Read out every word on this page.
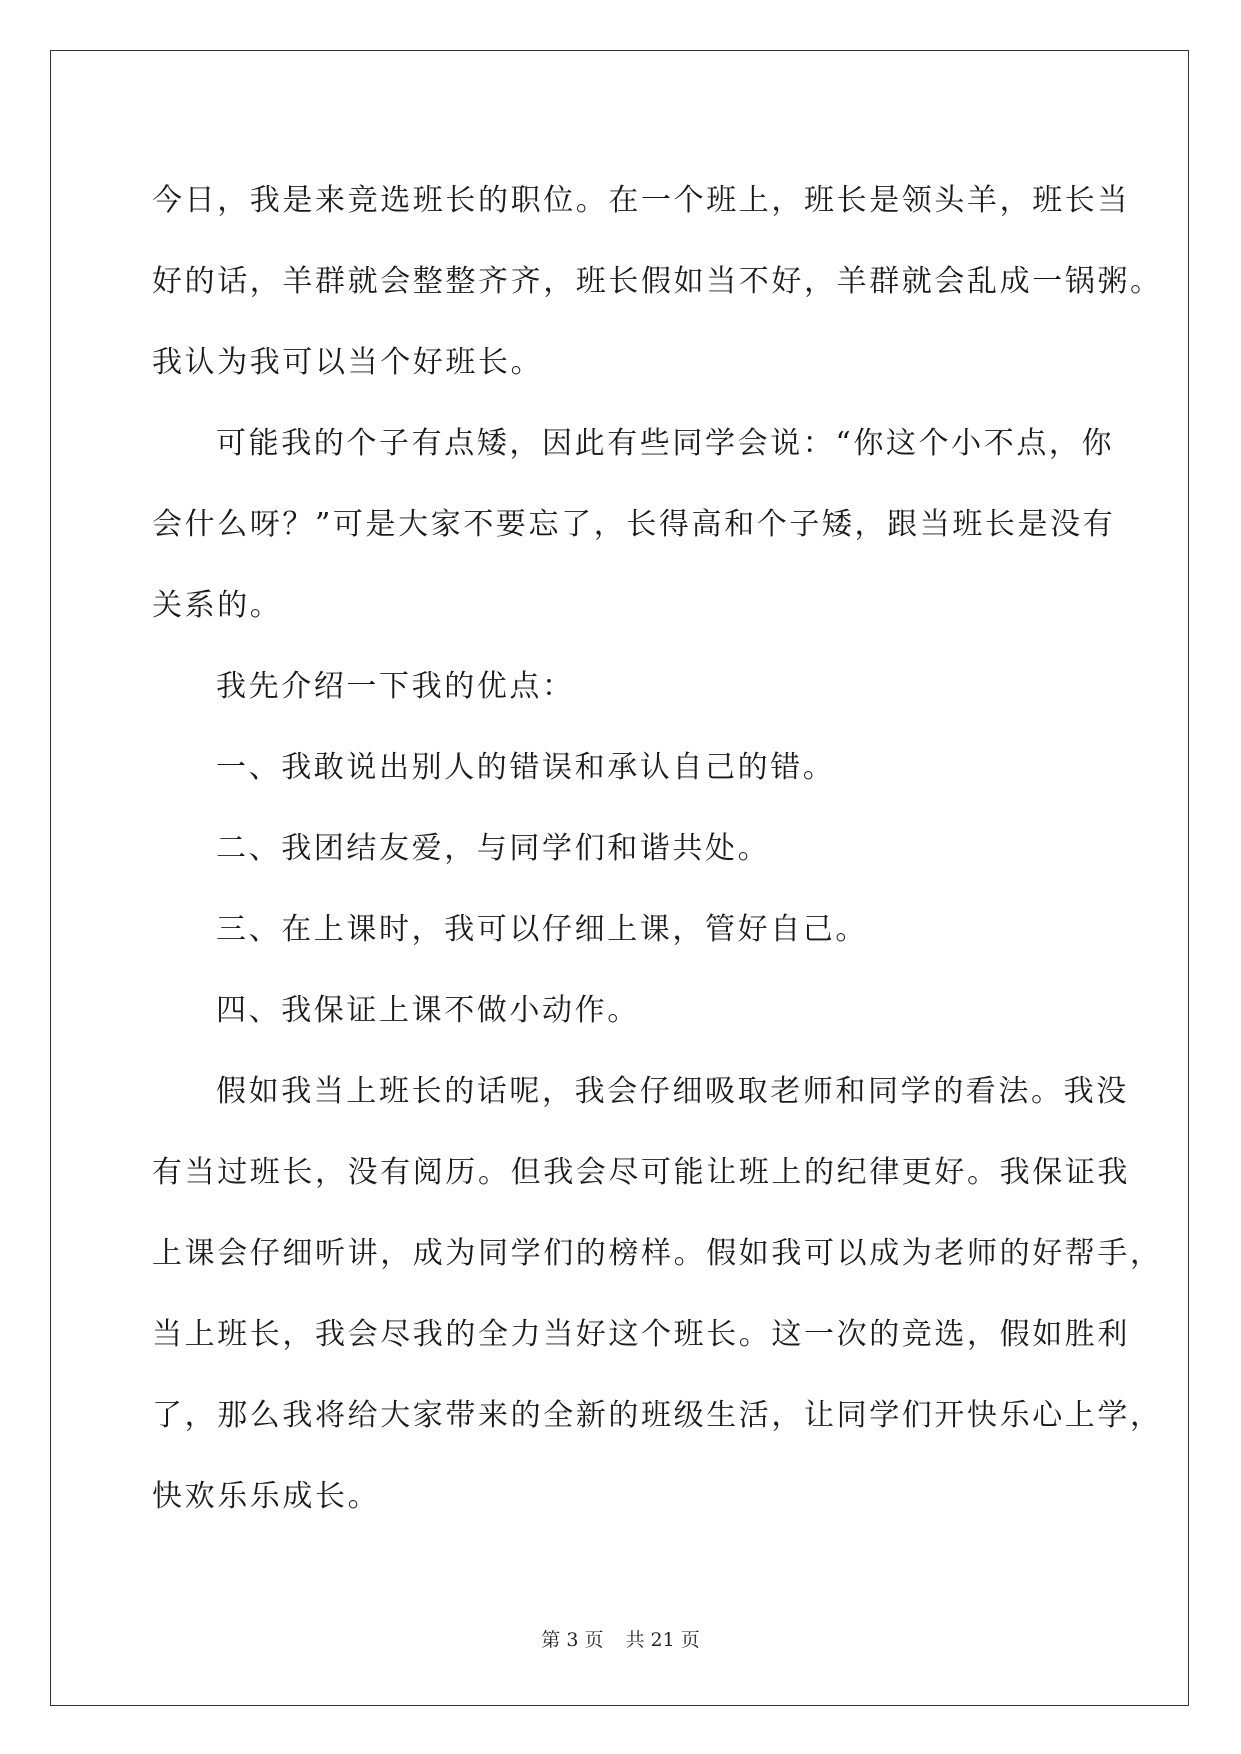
今日，我是来竞选班长的职位。在一个班上，班长是领头羊，班长当
好的话，羊群就会整整齐齐，班长假如当不好，羊群就会乱成一锅粥。
我认为我可以当个好班长。

可能我的个子有点矮，因此有些同学会说：“你这个小不点，你
会什么呀？”可是大家不要忘了，长得高和个子矮，跟当班长是没有
关系的。

我先介绍一下我的优点：

一、我敢说出别人的错误和承认自己的错。

二、我团结友爱，与同学们和谐共处。

三、在上课时，我可以仔细上课，管好自己。

四、我保证上课不做小动作。

假如我当上班长的话呢，我会仔细吸取老师和同学的看法。我没
有当过班长，没有阅历。但我会尽可能让班上的纪律更好。我保证我
上课会仔细听讲，成为同学们的榜样。假如我可以成为老师的好帮手，
当上班长，我会尽我的全力当好这个班长。这一次的竞选，假如胜利
了，那么我将给大家带来的全新的班级生活，让同学们开快乐心上学，
快欢乐乐成长。

第 3 页 共 21 页
